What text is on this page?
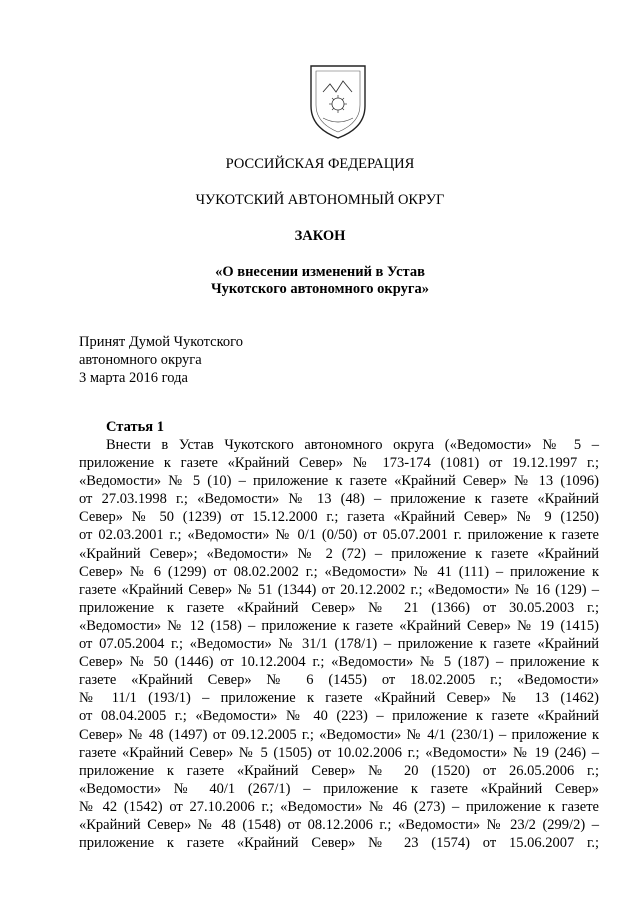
РОССИЙСКАЯ ФЕДЕРАЦИЯ
ЧУКОТСКИЙ АВТОНОМНЫЙ ОКРУГ
ЗАКОН
«О внесении изменений в Устав
Чукотского автономного округа»
Принят Думой Чукотского
автономного округа
3 марта 2016 года
Статья 1
Внести в Устав Чукотского автономного округа («Ведомости» № 5 –
приложение к газете «Крайний Север» № 173-174 (1081) от 19.12.1997 г.;
«Ведомости» № 5 (10) – приложение к газете «Крайний Север» № 13 (1096)
от 27.03.1998 г.; «Ведомости» № 13 (48) – приложение к газете «Крайний
Север» № 50 (1239) от 15.12.2000 г.; газета «Крайний Север» № 9 (1250)
от 02.03.2001 г.; «Ведомости» № 0/1 (0/50) от 05.07.2001 г. приложение к газете
«Крайний Север»; «Ведомости» № 2 (72) – приложение к газете «Крайний
Север» № 6 (1299) от 08.02.2002 г.; «Ведомости» № 41 (111) – приложение к
газете «Крайний Север» № 51 (1344) от 20.12.2002 г.; «Ведомости» № 16 (129) –
приложение к газете «Крайний Север» № 21 (1366) от 30.05.2003 г.;
«Ведомости» № 12 (158) – приложение к газете «Крайний Север» № 19 (1415)
от 07.05.2004 г.; «Ведомости» № 31/1 (178/1) – приложение к газете «Крайний
Север» № 50 (1446) от 10.12.2004 г.; «Ведомости» № 5 (187) – приложение к
газете «Крайний Север» № 6 (1455) от 18.02.2005 г.; «Ведомости»
№ 11/1 (193/1) – приложение к газете «Крайний Север» № 13 (1462)
от 08.04.2005 г.; «Ведомости» № 40 (223) – приложение к газете «Крайний
Север» № 48 (1497) от 09.12.2005 г.; «Ведомости» № 4/1 (230/1) – приложение к
газете «Крайний Север» № 5 (1505) от 10.02.2006 г.; «Ведомости» № 19 (246) –
приложение к газете «Крайний Север» № 20 (1520) от 26.05.2006 г.;
«Ведомости» № 40/1 (267/1) – приложение к газете «Крайний Север»
№ 42 (1542) от 27.10.2006 г.; «Ведомости» № 46 (273) – приложение к газете
«Крайний Север» № 48 (1548) от 08.12.2006 г.; «Ведомости» № 23/2 (299/2) –
приложение к газете «Крайний Север» № 23 (1574) от 15.06.2007 г.;
